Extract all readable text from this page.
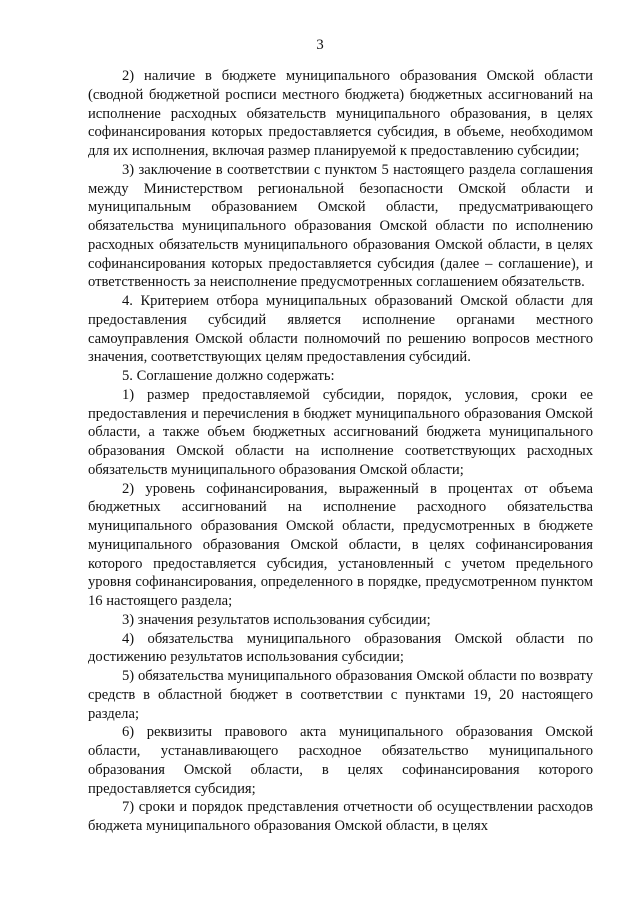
3

2) наличие в бюджете муниципального образования Омской области (сводной бюджетной росписи местного бюджета) бюджетных ассигнований на исполнение расходных обязательств муниципального образования, в целях софинансирования которых предоставляется субсидия, в объеме, необходимом для их исполнения, включая размер планируемой к предоставлению субсидии;

3) заключение в соответствии с пунктом 5 настоящего раздела соглашения между Министерством региональной безопасности Омской области и муниципальным образованием Омской области, предусматривающего обязательства муниципального образования Омской области по исполнению расходных обязательств муниципального образования Омской области, в целях софинансирования которых предоставляется субсидия (далее – соглашение), и ответственность за неисполнение предусмотренных соглашением обязательств.

4. Критерием отбора муниципальных образований Омской области для предоставления субсидий является исполнение органами местного самоуправления Омской области полномочий по решению вопросов местного значения, соответствующих целям предоставления субсидий.

5. Соглашение должно содержать:

1) размер предоставляемой субсидии, порядок, условия, сроки ее предоставления и перечисления в бюджет муниципального образования Омской области, а также объем бюджетных ассигнований бюджета муниципального образования Омской области на исполнение соответствующих расходных обязательств муниципального образования Омской области;

2) уровень софинансирования, выраженный в процентах от объема бюджетных ассигнований на исполнение расходного обязательства муниципального образования Омской области, предусмотренных в бюджете муниципального образования Омской области, в целях софинансирования которого предоставляется субсидия, установленный с учетом предельного уровня софинансирования, определенного в порядке, предусмотренном пунктом 16 настоящего раздела;

3) значения результатов использования субсидии;

4) обязательства муниципального образования Омской области по достижению результатов использования субсидии;

5) обязательства муниципального образования Омской области по возврату средств в областной бюджет в соответствии с пунктами 19, 20 настоящего раздела;

6) реквизиты правового акта муниципального образования Омской области, устанавливающего расходное обязательство муниципального образования Омской области, в целях софинансирования которого предоставляется субсидия;

7) сроки и порядок представления отчетности об осуществлении расходов бюджета муниципального образования Омской области, в целях
